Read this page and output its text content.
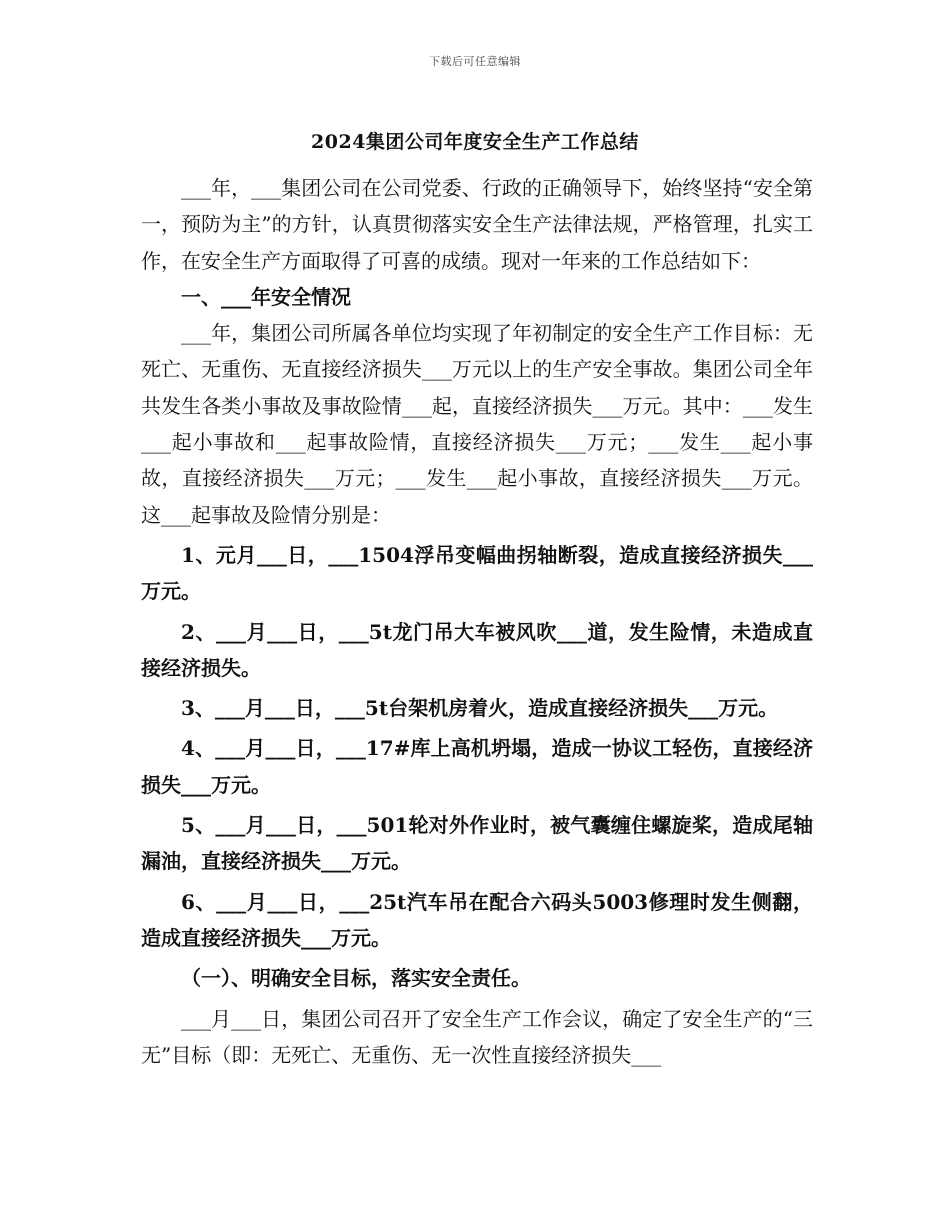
下载后可任意编辑
2024集团公司年度安全生产工作总结

___年，___集团公司在公司党委、行政的正确领导下，始终坚持“安全第一，预防为主”的方针，认真贯彻落实安全生产法律法规，严格管理，扎实工作，在安全生产方面取得了可喜的成绩。现对一年来的工作总结如下：

一、___年安全情况

___年，集团公司所属各单位均实现了年初制定的安全生产工作目标：无死亡、无重伤、无直接经济损失___万元以上的生产安全事故。集团公司全年共发生各类小事故及事故险情___起，直接经济损失___万元。其中：___发生___起小事故和___起事故险情，直接经济损失___万元；___发生___起小事故，直接经济损失___万元；___发生___起小事故，直接经济损失___万元。这___起事故及险情分别是：

1、元月___日，___1504浮吊变幅曲拐轴断裂，造成直接经济损失___万元。

2、___月___日，___5t龙门吊大车被风吹___道，发生险情，未造成直接经济损失。

3、___月___日，___5t台架机房着火，造成直接经济损失___万元。

4、___月___日，___17#库上高机坍塌，造成一协议工轻伤，直接经济损失___万元。

5、___月___日，___501轮对外作业时，被气囊缠住螺旋桨，造成尾轴漏油，直接经济损失___万元。

6、___月___日，___25t汽车吊在配合六码头5003修理时发生侧翻，造成直接经济损失___万元。

（一）、明确安全目标，落实安全责任。

___月___日，集团公司召开了安全生产工作会议，确定了安全生产的“三无”目标（即：无死亡、无重伤、无一次性直接经济损失___
